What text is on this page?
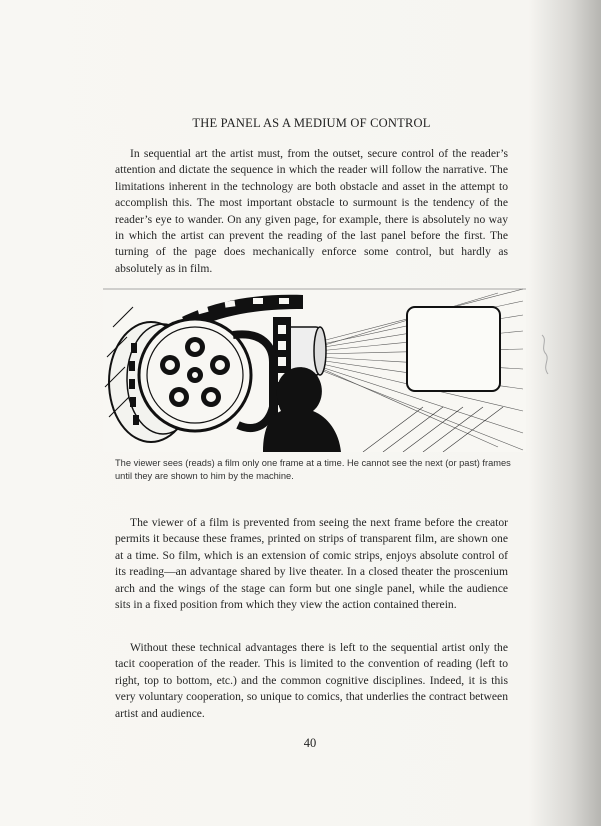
THE PANEL AS A MEDIUM OF CONTROL

In sequential art the artist must, from the outset, secure control of the reader’s attention and dictate the sequence in which the reader will follow the narrative. The limitations inherent in the technology are both obstacle and asset in the attempt to accomplish this. The most important obstacle to surmount is the tendency of the reader’s eye to wander. On any given page, for example, there is absolutely no way in which the artist can prevent the reading of the last panel before the first. The turning of the page does mechanically enforce some control, but hardly as absolutely as in film.

The viewer sees (reads) a film only one frame at a time. He cannot see the next (or past) frames until they are shown to him by the machine.

The viewer of a film is prevented from seeing the next frame before the creator permits it because these frames, printed on strips of transparent film, are shown one at a time. So film, which is an extension of comic strips, enjoys absolute control of its reading—an advantage shared by live theater. In a closed theater the proscenium arch and the wings of the stage can form but one single panel, while the audience sits in a fixed position from which they view the action contained therein.

Without these technical advantages there is left to the sequential artist only the tacit cooperation of the reader. This is limited to the convention of reading (left to right, top to bottom, etc.) and the common cognitive disciplines. Indeed, it is this very voluntary cooperation, so unique to comics, that underlies the contract between artist and audience.

40
